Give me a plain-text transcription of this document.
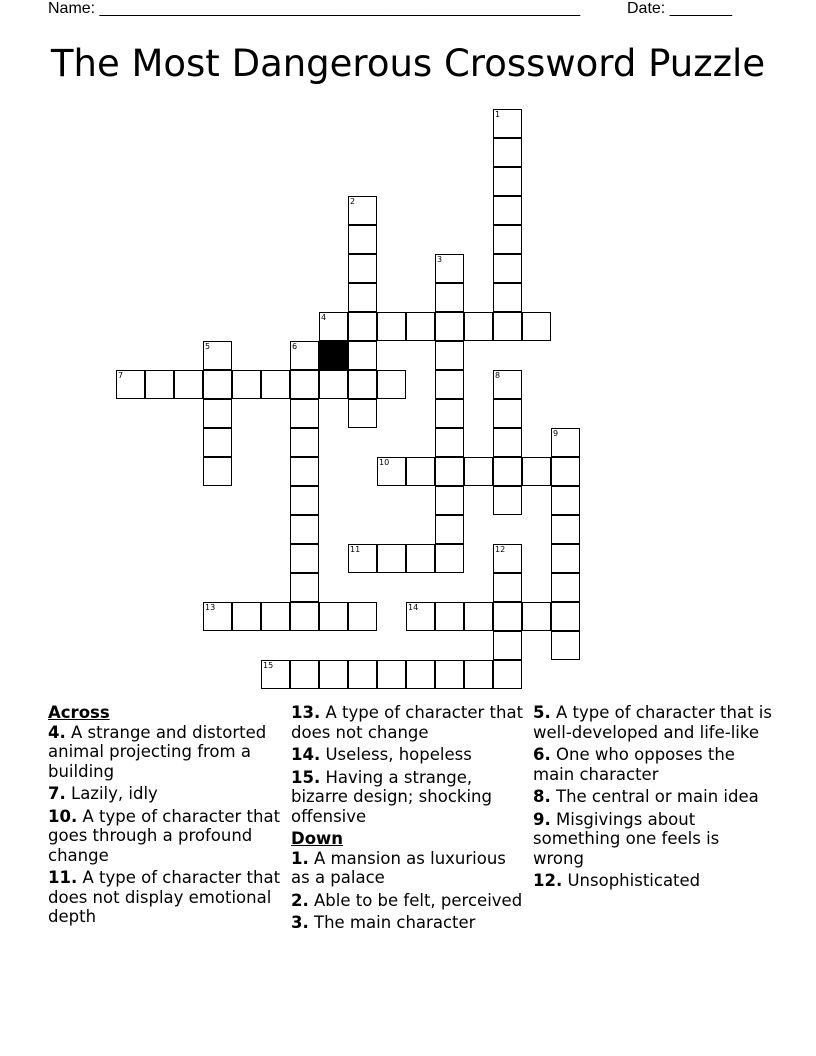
Name: ______________________________________________________	Date: _______
The Most Dangerous Crossword Puzzle
1
2
3
4
5	6
7	8
9
10
11	12
13	14
15
Across
4. A strange and distorted animal projecting from a building
7. Lazily, idly
10. A type of character that goes through a profound change
11. A type of character that does not display emotional depth
13. A type of character that does not change
14. Useless, hopeless
15. Having a strange, bizarre design; shocking offensive
Down
1. A mansion as luxurious as a palace
2. Able to be felt, perceived
3. The main character
5. A type of character that is well-developed and life-like
6. One who opposes the main character
8. The central or main idea
9. Misgivings about something one feels is wrong
12. Unsophisticated
